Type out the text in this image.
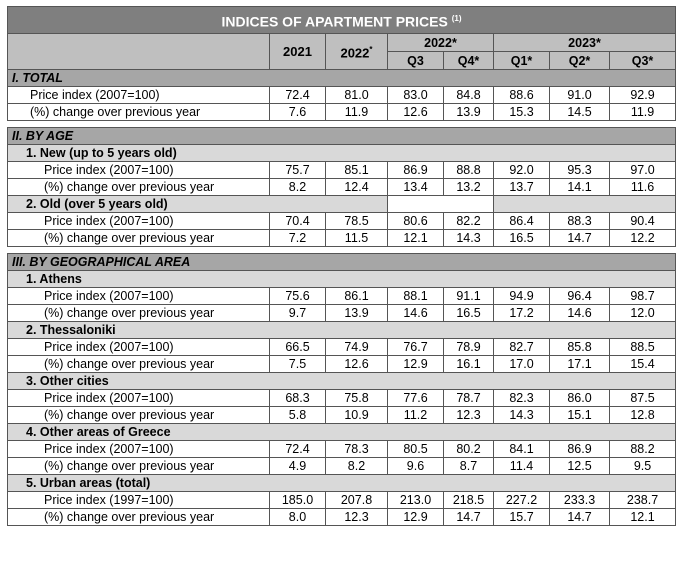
INDICES OF APARTMENT PRICES $^{(1)}$
	2021	2022*	2022*		2023*		
			Q3	Q4*	Q1*	Q2*	Q3*
I. TOTAL							
Price index (2007=100)	72.4	81.0	83.0	84.8	88.6	91.0	92.9
(%) change over previous year	7.6	11.9	12.6	13.9	15.3	14.5	11.9

II. BY AGE							
1. New (up to 5 years old)							
Price index (2007=100)	75.7	85.1	86.9	88.8	92.0	95.3	97.0
(%) change over previous year	8.2	12.4	13.4	13.2	13.7	14.1	11.6
2. Old (over 5 years old)							
Price index (2007=100)	70.4	78.5	80.6	82.2	86.4	88.3	90.4
(%) change over previous year	7.2	11.5	12.1	14.3	16.5	14.7	12.2

III. BY GEOGRAPHICAL AREA							
1. Athens							
Price index (2007=100)	75.6	86.1	88.1	91.1	94.9	96.4	98.7
(%) change over previous year	9.7	13.9	14.6	16.5	17.2	14.6	12.0
2. Thessaloniki							
Price index (2007=100)	66.5	74.9	76.7	78.9	82.7	85.8	88.5
(%) change over previous year	7.5	12.6	12.9	16.1	17.0	17.1	15.4
3. Other cities							
Price index (2007=100)	68.3	75.8	77.6	78.7	82.3	86.0	87.5
(%) change over previous year	5.8	10.9	11.2	12.3	14.3	15.1	12.8
4. Other areas of Greece							
Price index (2007=100)	72.4	78.3	80.5	80.2	84.1	86.9	88.2
(%) change over previous year	4.9	8.2	9.6	8.7	11.4	12.5	9.5
5. Urban areas (total)							
Price index (1997=100)	185.0	207.8	213.0	218.5	227.2	233.3	238.7
(%) change over previous year	8.0	12.3	12.9	14.7	15.7	14.7	12.1
